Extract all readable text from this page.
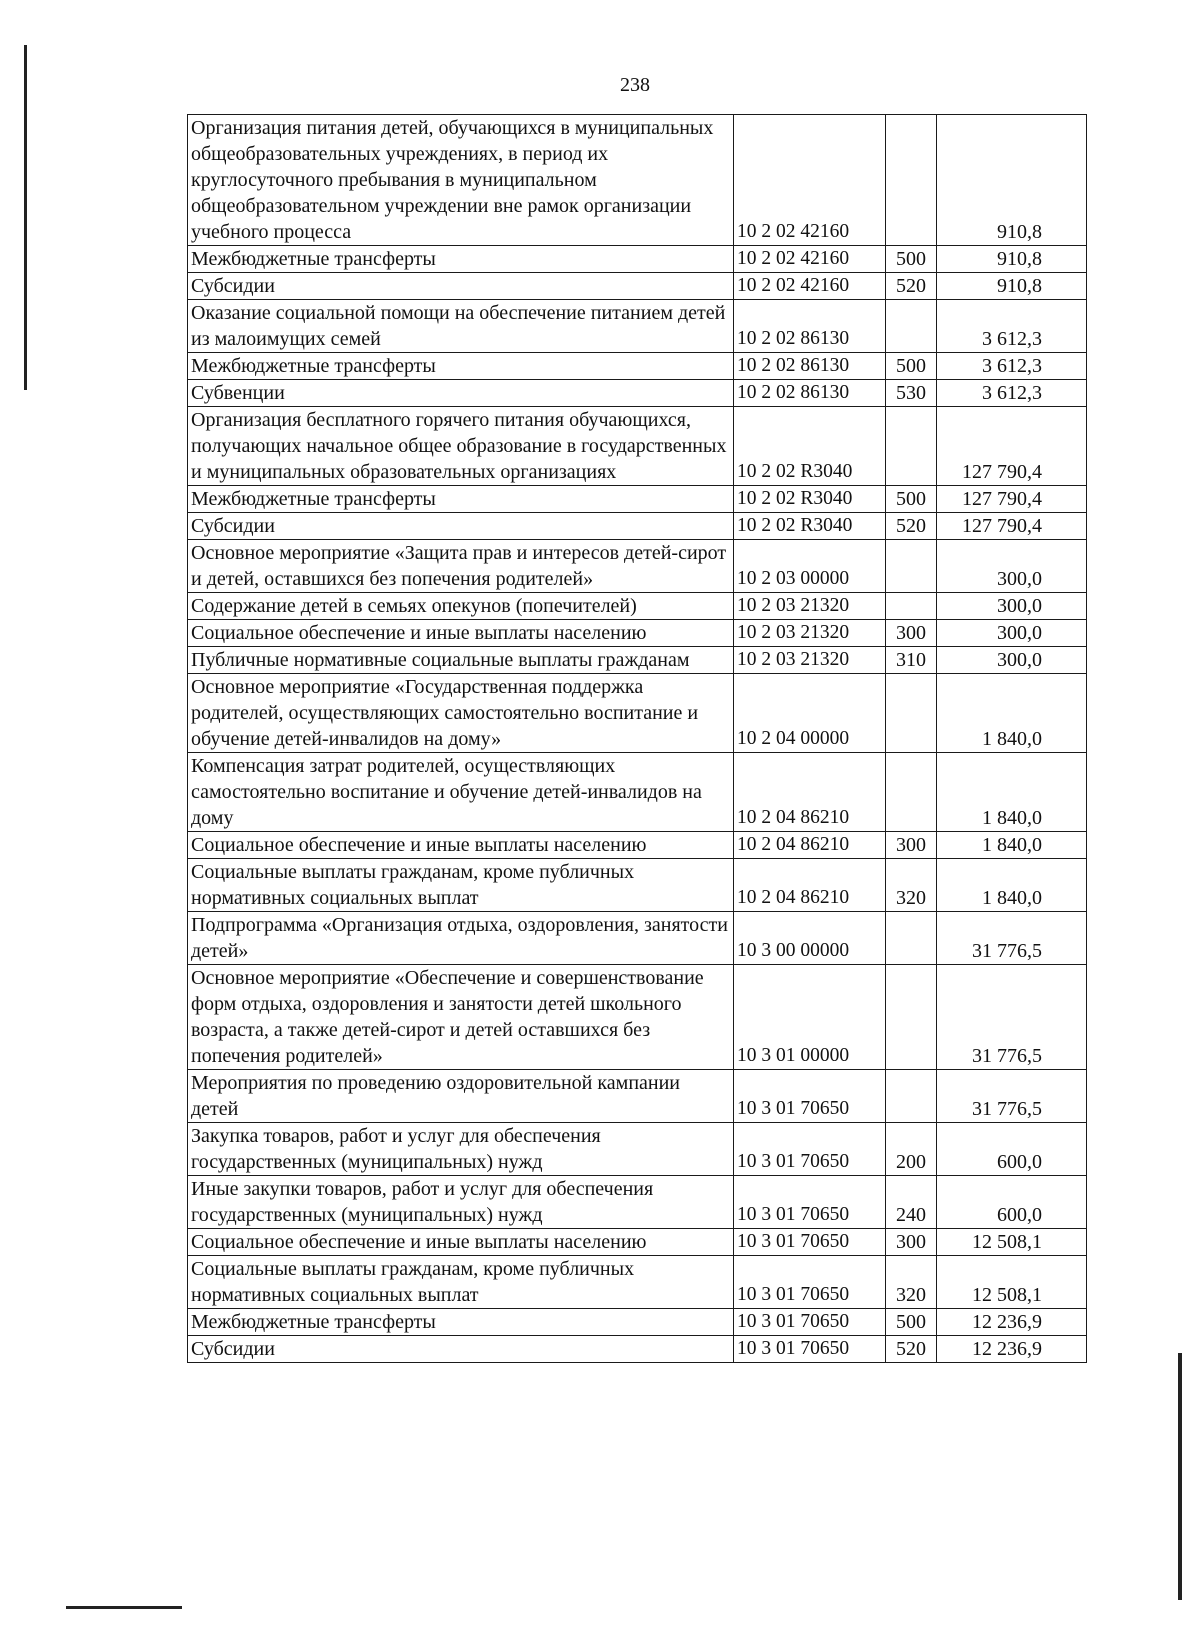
238
Организация питания детей, обучающихся в муниципальных общеобразовательных учреждениях, в период их круглосуточного пребывания в муниципальном общеобразовательном учреждении вне рамок организации учебного процесса	10 2 02 42160		910,8
Межбюджетные трансферты	10 2 02 42160	500	910,8
Субсидии	10 2 02 42160	520	910,8
Оказание социальной помощи на обеспечение питанием детей из малоимущих семей	10 2 02 86130		3 612,3
Межбюджетные трансферты	10 2 02 86130	500	3 612,3
Субвенции	10 2 02 86130	530	3 612,3
Организация бесплатного горячего питания обучающихся, получающих начальное общее образование в государственных и муниципальных образовательных организациях	10 2 02 R3040		127 790,4
Межбюджетные трансферты	10 2 02 R3040	500	127 790,4
Субсидии	10 2 02 R3040	520	127 790,4
Основное мероприятие «Защита прав и интересов детей-сирот и детей, оставшихся без попечения родителей»	10 2 03 00000		300,0
Содержание детей в семьях опекунов (попечителей)	10 2 03 21320		300,0
Социальное обеспечение и иные выплаты населению	10 2 03 21320	300	300,0
Публичные нормативные социальные выплаты гражданам	10 2 03 21320	310	300,0
Основное мероприятие «Государственная поддержка родителей, осуществляющих самостоятельно воспитание и обучение детей-инвалидов на дому»	10 2 04 00000		1 840,0
Компенсация затрат родителей, осуществляющих самостоятельно воспитание и обучение детей-инвалидов на дому	10 2 04 86210		1 840,0
Социальное обеспечение и иные выплаты населению	10 2 04 86210	300	1 840,0
Социальные выплаты гражданам, кроме публичных нормативных социальных выплат	10 2 04 86210	320	1 840,0
Подпрограмма «Организация отдыха, оздоровления, занятости детей»	10 3 00 00000		31 776,5
Основное мероприятие «Обеспечение и совершенствование форм отдыха, оздоровления и занятости детей школьного возраста, а также детей-сирот и детей оставшихся без попечения родителей»	10 3 01 00000		31 776,5
Мероприятия по проведению оздоровительной кампании детей	10 3 01 70650		31 776,5
Закупка товаров, работ и услуг для обеспечения государственных (муниципальных) нужд	10 3 01 70650	200	600,0
Иные закупки товаров, работ и услуг для обеспечения государственных (муниципальных) нужд	10 3 01 70650	240	600,0
Социальное обеспечение и иные выплаты населению	10 3 01 70650	300	12 508,1
Социальные выплаты гражданам, кроме публичных нормативных социальных выплат	10 3 01 70650	320	12 508,1
Межбюджетные трансферты	10 3 01 70650	500	12 236,9
Субсидии	10 3 01 70650	520	12 236,9
